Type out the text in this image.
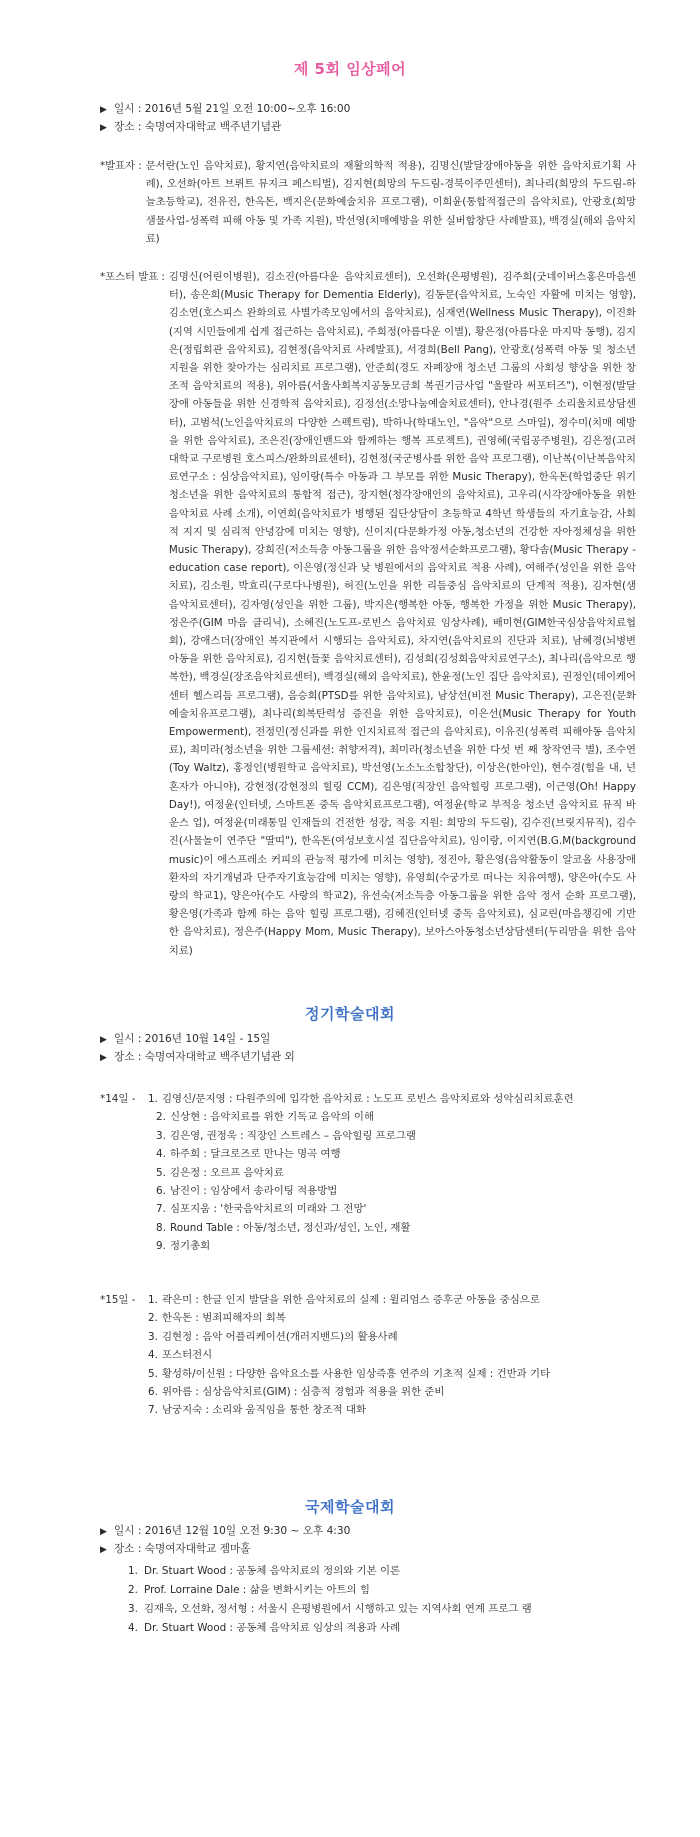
제 5회 임상페어
▶ 일시 : 2016년 5월 21일 오전 10:00~오후 16:00
▶ 장소 : 숙명여자대학교 백주년기념관
*발표자 : 문서란(노인 음악치료), 황지연(음악치료의 재활의학적 적용), 김명신(발달장애아동을 위한 음악치료기획 사례), 오선화(아트 브뤼트 뮤지크 페스티벌), 김지현(희망의 두드림-경북이주민센터), 최나리(희망의 두드림-하늘초등학교), 전유진, 한옥돈, 백지은(문화예술치유 프로그램), 이희윤(통합적접근의 음악치료), 안광호(희망샘물사업-성폭력 피해 아동 및 가족 지원), 박선영(치매예방을 위한 실버합창단 사례발표), 백경실(해외 음악치료)
*포스터 발표 : 김명신(어린이병원), 김소진(아름다운 음악치료센터), 오선화(은평병원), 김주희(굿네이버스홍은마음센터), 송은희(Music Therapy for Dementia Elderly), 김동문(음악치료, 노숙인 자활에 미치는 영향), 김소연(호스피스 완화의료 사별가족모임에서의 음악치료), 심재연(Wellness Music Therapy), 이진화(지역 시민들에게 쉽게 접근하는 음악치료), 주희정(아름다운 이별), 황은정(아름다운 마지막 동행), 김지은(정립회관 음악치료), 김현정(음악치료 사례발표), 서경희(Bell Pang), 안광호(성폭력 아동 및 청소년 지원을 위한 찾아가는 심리치료 프로그램), 안준희(경도 자폐장애 청소년 그룹의 사회성 향상을 위한 창조적 음악치료의 적용), 위아름(서울사회복지공동모금회 복권기금사업 "울랄라 써포터즈"), 이현정(발달장애 아동들을 위한 신경학적 음악치료), 김정선(소망나눔예술치료센터), 안나경(원주 소리울치료상담센터), 고범석(노인음악치료의 다양한 스펙트럼), 박하나(학대노인, "음악"으로 스마일), 정수미(치매 예방을 위한 음악치료), 조은진(장애인밴드와 함께하는 행복 프로젝트), 권영혜(국립공주병원), 김은정(고려대학교 구로병원 호스피스/완화의료센터), 김현정(국군병사를 위한 음악 프로그램), 이난복(이난복음악치료연구소 : 심상음악치료), 임이랑(특수 아동과 그 부모를 위한 Music Therapy), 한옥돈(학업중단 위기 청소년을 위한 음악치료의 통합적 접근), 장지현(청각장애인의 음악치료), 고우리(시각장애아동을 위한 음악치료 사례 소개), 이연희(음악치료가 병행된 집단상담이 초등학교 4학년 학생들의 자기효능감, 사회적 지지 및 심리적 안녕감에 미치는 영향), 신이지(다문화가정 아동,청소년의 건강한 자아정체성을 위한 Music Therapy), 강희진(저소득층 아동그룹을 위한 음악정서순화프로그램), 황다솜(Music Therapy - education case report), 이은영(정신과 낮 병원에서의 음악치료 적용 사례), 여해주(성인을 위한 음악치료), 김소원, 박효리(구로다나병원), 허진(노인을 위한 리듬중심 음악치료의 단계적 적용), 김자현(샘 음악치료센터), 김자영(성인을 위한 그룹), 박지은(행복한 아동, 행복한 가정을 위한 Music Therapy), 정은주(GIM 마음 클리닉), 소혜진(노도프-로빈스 음악치료 임상사례), 배미현(GIM한국심상음악치료협회), 강애스더(장애인 복지관에서 시행되는 음악치료), 차지연(음악치료의 진단과 치료), 남혜경(뇌병변 아동을 위한 음악치료), 김지현(들꽃 음악치료센터), 김성희(김성희음악치료연구소), 최나리(음악으로 행복한), 백경실(장조음악치료센터), 백경실(해외 음악치료), 한윤정(노인 집단 음악치료), 권정인(데이케어센터 헬스리듬 프로그램), 음승희(PTSD를 위한 음악치료), 남상선(비전 Music Therapy), 고은진(문화예술치유프로그램), 최나리(회복탄력성 증진을 위한 음악치료), 이은선(Music Therapy for Youth Empowerment), 전정민(정신과를 위한 인지치료적 접근의 음악치료), 이유진(성폭력 피해아동 음악치료), 최미라(청소년을 위한 그룹세션: 취향저격), 최미라(청소년을 위한 다섯 번 째 창작연극 별), 조수연(Toy Waltz), 홍정인(병원학교 음악치료), 박선영(노소노소합창단), 이상은(한아인), 현수경(힘을 내, 넌 혼자가 아니야), 강현정(강현정의 힐링 CCM), 김은영(직장인 음악힐링 프로그램), 이근영(Oh! Happy Day!), 여정윤(인터넷, 스마트폰 중독 음악치료프로그램), 여정윤(학교 부적응 청소년 음악치료 뮤직 바운스 업), 여정윤(미래통일 인재들의 건전한 성장, 적응 지원: 희망의 두드림), 김수진(브릿지뮤직), 김수진(사물놀이 연주단 "딸띠"), 한옥돈(여성보호시설 집단음악치료), 임이랑, 이지연(B.G.M(background music)이 에스프레소 커피의 관능적 평가에 미치는 영향), 정진아, 황은영(음악활동이 알코올 사용장애 환자의 자기개념과 단주자기효능감에 미치는 영향), 유영희(수궁가로 떠나는 치유여행), 양은아(수도 사랑의 학교1), 양은아(수도 사랑의 학교2), 유선숙(저소득층 아동그룹을 위한 음악 정서 순화 프로그램), 황은영(가족과 함께 하는 음악 힐링 프로그램), 김혜진(인터넷 중독 음악치료), 심교린(마음챙김에 기반한 음악치료), 정은주(Happy Mom, Music Therapy), 보아스아동청소년상담센터(두리맘을 위한 음악치료)
정기학술대회
▶ 일시 : 2016년 10월 14일 - 15일
▶ 장소 : 숙명여자대학교 백주년기념관 외
*14일 -	1. 김영신/문지영 : 다원주의에 입각한 음악치료 : 노도프 로빈스 음악치료와 성악심리치료훈련
2. 신상현 : 음악치료를 위한 기독교 음악의 이해
3. 김은영, 권정욱 : 직장인 스트레스 – 음악힐링 프로그램
4. 하주희 : 달크로즈로 만나는 명곡 여행
5. 김은정 : 오르프 음악치료
6. 남진이 : 임상에서 송라이팅 적용방법
7. 심포지움 : '한국음악치료의 미래와 그 전망'
8. Round Table : 아동/청소년, 정신과/성인, 노인, 재활
9. 정기총회
*15일 -	1. 곽은미 : 한글 인지 발달을 위한 음악치료의 실제 : 윌리엄스 증후군 아동을 중심으로
2. 한옥돈 : 범죄피해자의 회복
3. 김현정 : 음악 어플리케이션(개러지밴드)의 활용사례
4. 포스터전시
5. 황성하/이신원 : 다양한 음악요소를 사용한 임상즉흥 연주의 기초적 실제 : 건반과 기타
6. 위아름 : 심상음악치료(GIM) : 심층적 경험과 적용을 위한 준비
7. 남궁지숙 : 소리와 움직임을 통한 창조적 대화
국제학술대회
▶ 일시 : 2016년 12월 10일 오전 9:30 ~ 오후 4:30
▶ 장소 : 숙명여자대학교 젬마홀
1. Dr. Stuart Wood : 공동체 음악치료의 정의와 기본 이론
2. Prof. Lorraine Dale : 삶을 변화시키는 아트의 힘
3. 김재욱, 오선화, 정서형 : 서울시 은평병원에서 시행하고 있는 지역사회 연계 프로그 램
4. Dr. Stuart Wood : 공동체 음악치료 임상의 적용과 사례
